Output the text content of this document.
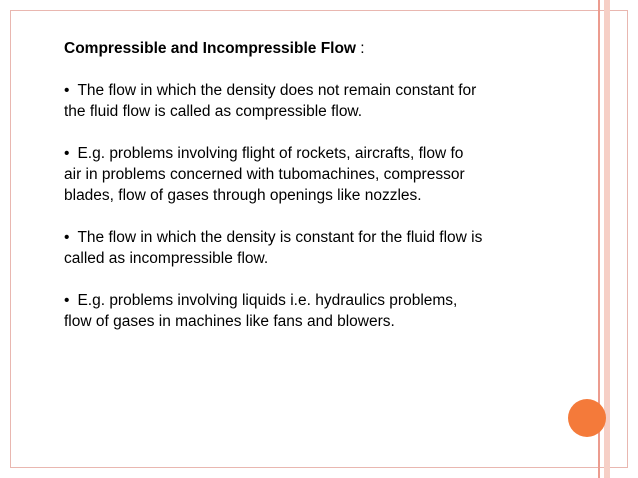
Compressible and Incompressible Flow :

• The flow in which the density does not remain constant for the fluid flow is called as compressible flow.

• E.g. problems involving flight of rockets, aircrafts, flow fo air in problems concerned with tubomachines, compressor blades, flow of gases through openings like nozzles.

• The flow in which the density is constant for the fluid flow is called as incompressible flow.

• E.g. problems involving liquids i.e. hydraulics problems, flow of gases in machines like fans and blowers.
